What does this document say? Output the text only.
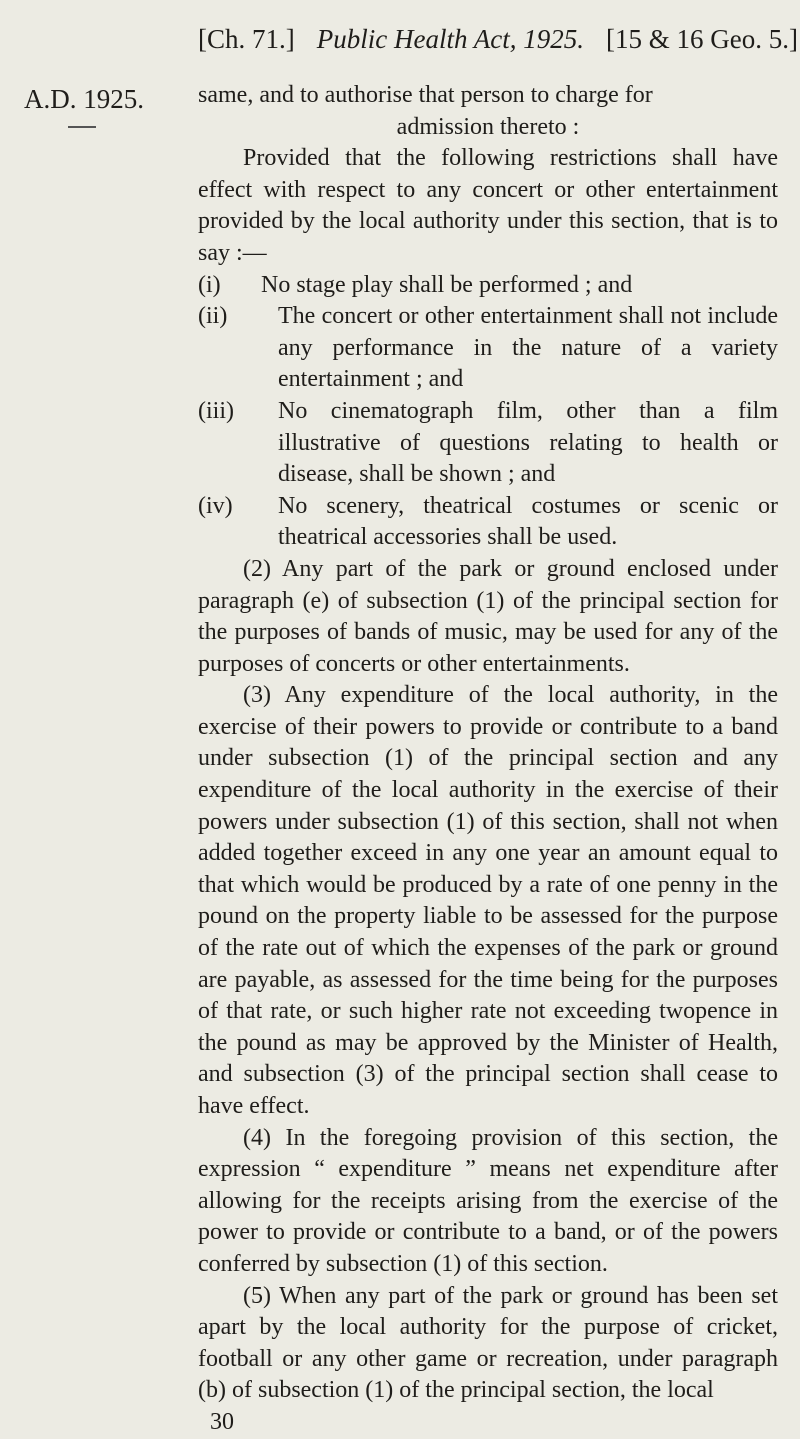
[Ch. 71.] Public Health Act, 1925. [15 & 16 Geo. 5.]
A.D. 1925. same, and to authorise that person to charge for

admission thereto :

Provided that the following restrictions shall have effect with respect to any concert or other entertainment provided by the local authority under this section, that is to say :—

(i) No stage play shall be performed ; and
(ii) The concert or other entertainment shall not include any performance in the nature of a variety entertainment ; and
(iii) No cinematograph film, other than a film illustrative of questions relating to health or disease, shall be shown ; and
(iv) No scenery, theatrical costumes or scenic or theatrical accessories shall be used.

(2) Any part of the park or ground enclosed under paragraph (e) of subsection (1) of the principal section for the purposes of bands of music, may be used for any of the purposes of concerts or other entertainments.

(3) Any expenditure of the local authority, in the exercise of their powers to provide or contribute to a band under subsection (1) of the principal section and any expenditure of the local authority in the exercise of their powers under subsection (1) of this section, shall not when added together exceed in any one year an amount equal to that which would be produced by a rate of one penny in the pound on the property liable to be assessed for the purpose of the rate out of which the expenses of the park or ground are payable, as assessed for the time being for the purposes of that rate, or such higher rate not exceeding twopence in the pound as may be approved by the Minister of Health, and subsection (3) of the principal section shall cease to have effect.

(4) In the foregoing provision of this section, the expression “ expenditure ” means net expenditure after allowing for the receipts arising from the exercise of the power to provide or contribute to a band, or of the powers conferred by subsection (1) of this section.

(5) When any part of the park or ground has been set apart by the local authority for the purpose of cricket, football or any other game or recreation, under paragraph (b) of subsection (1) of the principal section, the local

30
